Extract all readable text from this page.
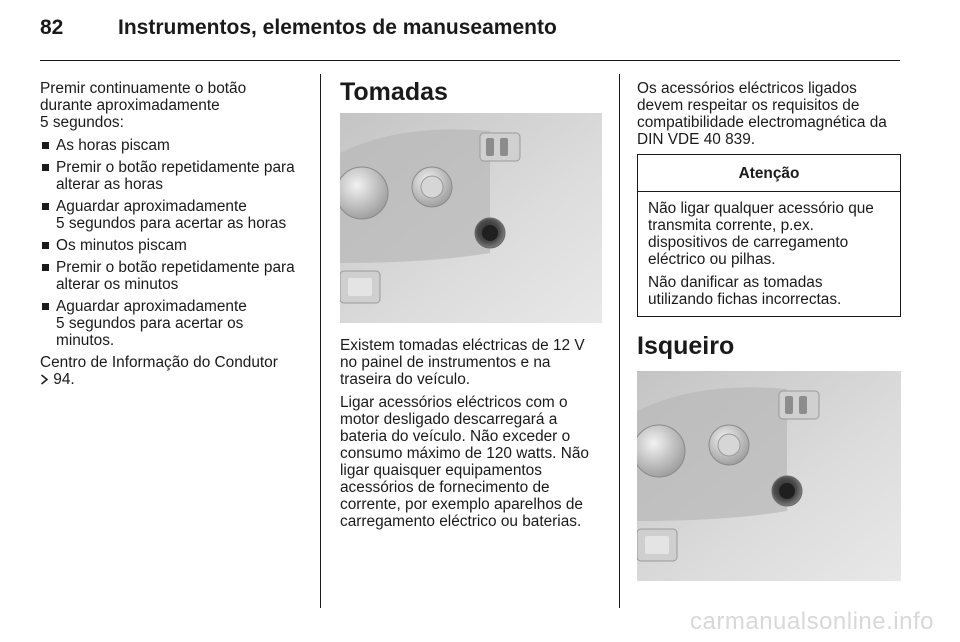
82	Instrumentos, elementos de manuseamento

Premir continuamente o botão
durante aproximadamente
5 segundos:

As horas piscam
Premir o botão repetidamente para
alterar as horas
Aguardar aproximadamente
5 segundos para acertar as horas
Os minutos piscam
Premir o botão repetidamente para
alterar os minutos
Aguardar aproximadamente
5 segundos para acertar os
minutos.

Centro de Informação do Condutor
94.

Tomadas

Existem tomadas eléctricas de 12 V
no painel de instrumentos e na
traseira do veículo.

Ligar acessórios eléctricos com o
motor desligado descarregará a
bateria do veículo. Não exceder o
consumo máximo de 120 watts. Não
ligar quaisquer equipamentos
acessórios de fornecimento de
corrente, por exemplo aparelhos de
carregamento eléctrico ou baterias.

Os acessórios eléctricos ligados
devem respeitar os requisitos de
compatibilidade electromagnética da
DIN VDE 40 839.

Atenção

Não ligar qualquer acessório que
transmita corrente, p.ex.
dispositivos de carregamento
eléctrico ou pilhas.

Não danificar as tomadas
utilizando fichas incorrectas.

Isqueiro
carmanualsonline.info
